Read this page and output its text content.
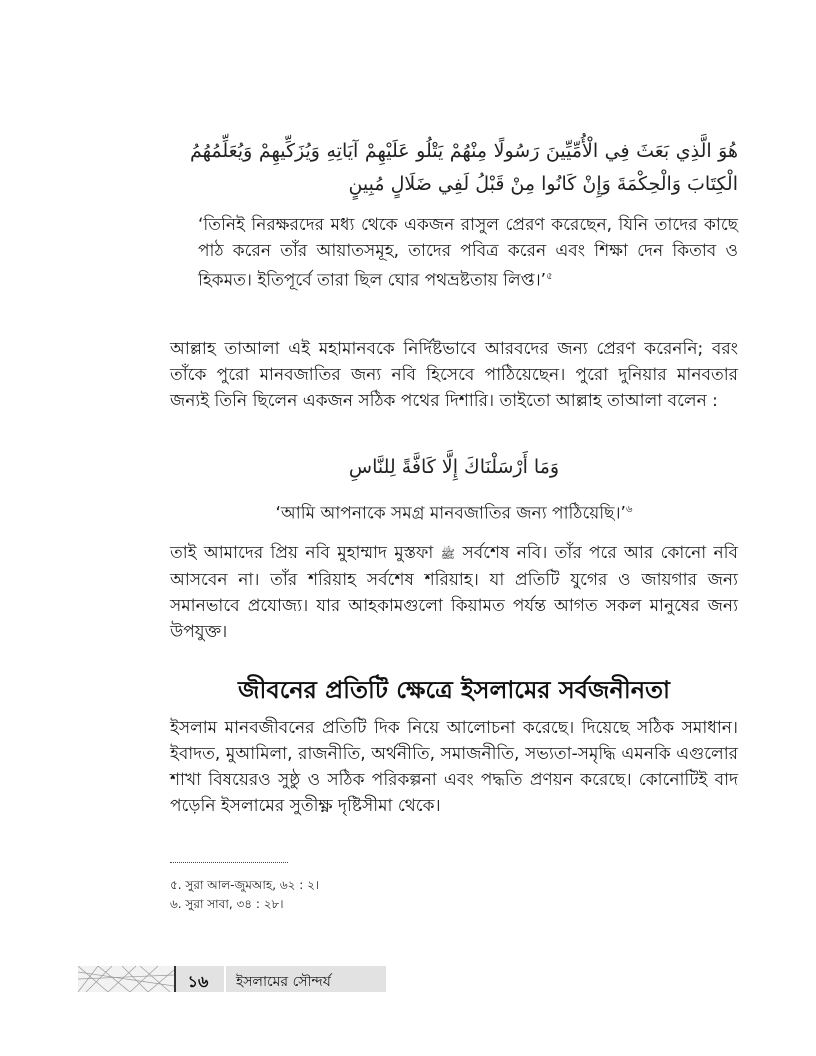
هُوَ الَّذِي بَعَثَ فِي الْأُمِّيِّينَ رَسُولًا مِنْهُمْ يَتْلُو عَلَيْهِمْ آيَاتِهِ وَيُزَكِّيهِمْ وَيُعَلِّمُهُمُ الْكِتَابَ وَالْحِكْمَةَ وَإِنْ كَانُوا مِنْ قَبْلُ لَفِي ضَلَالٍ مُبِينٍ
‘তিনিই নিরক্ষরদের মধ্য থেকে একজন রাসুল প্রেরণ করেছেন, যিনি তাদের কাছে পাঠ করেন তাঁর আয়াতসমূহ, তাদের পবিত্র করেন এবং শিক্ষা দেন কিতাব ও হিকমত। ইতিপূর্বে তারা ছিল ঘোর পথভ্রষ্টতায় লিপ্ত।’$^৫$
আল্লাহ তাআলা এই মহামানবকে নির্দিষ্টভাবে আরবদের জন্য প্রেরণ করেননি; বরং তাঁকে পুরো মানবজাতির জন্য নবি হিসেবে পাঠিয়েছেন। পুরো দুনিয়ার মানবতার জন্যই তিনি ছিলেন একজন সঠিক পথের দিশারি। তাইতো আল্লাহ তাআলা বলেন :
وَمَا أَرْسَلْنَاكَ إِلَّا كَافَّةً لِلنَّاسِ
‘আমি আপনাকে সমগ্র মানবজাতির জন্য পাঠিয়েছি।’$^৬$
তাই আমাদের প্রিয় নবি মুহাম্মাদ মুস্তফা ﷺ সর্বশেষ নবি। তাঁর পরে আর কোনো নবি আসবেন না। তাঁর শরিয়াহ সর্বশেষ শরিয়াহ। যা প্রতিটি যুগের ও জায়গার জন্য সমানভাবে প্রযোজ্য। যার আহকামগুলো কিয়ামত পর্যন্ত আগত সকল মানুষের জন্য উপযুক্ত।
জীবনের প্রতিটি ক্ষেত্রে ইসলামের সর্বজনীনতা
ইসলাম মানবজীবনের প্রতিটি দিক নিয়ে আলোচনা করেছে। দিয়েছে সঠিক সমাধান। ইবাদত, মুআমিলা, রাজনীতি, অর্থনীতি, সমাজনীতি, সভ্যতা-সমৃদ্ধি এমনকি এগুলোর শাখা বিষয়েরও সুষ্ঠু ও সঠিক পরিকল্পনা এবং পদ্ধতি প্রণয়ন করেছে। কোনোটিই বাদ পড়েনি ইসলামের সুতীক্ষ্ণ দৃষ্টিসীমা থেকে।
৫. সুরা আল-জুমআহ, ৬২ : ২।
৬. সুরা সাবা, ৩৪ : ২৮।
১৬	ইসলামের সৌন্দর্য
